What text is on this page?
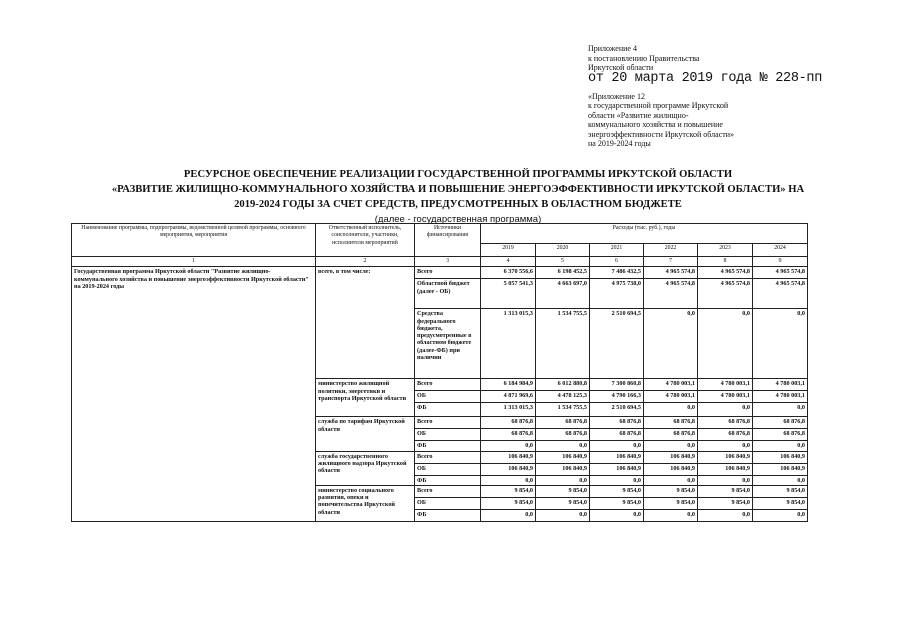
Приложение 4
к постановлению Правительства
Иркутской области
от 20 марта 2019 года № 228-пп
«Приложение 12
к государственной программе Иркутской
области «Развитие жилищно-
коммунального хозяйства и повышение
энергоэффективности Иркутской области»
на 2019-2024 годы
РЕСУРСНОЕ ОБЕСПЕЧЕНИЕ РЕАЛИЗАЦИИ ГОСУДАРСТВЕННОЙ ПРОГРАММЫ ИРКУТСКОЙ ОБЛАСТИ
«РАЗВИТИЕ ЖИЛИЩНО-КОММУНАЛЬНОГО ХОЗЯЙСТВА И ПОВЫШЕНИЕ ЭНЕРГОЭФФЕКТИВНОСТИ ИРКУТСКОЙ ОБЛАСТИ» НА
2019-2024 ГОДЫ ЗА СЧЕТ СРЕДСТВ, ПРЕДУСМОТРЕННЫХ В ОБЛАСТНОМ БЮДЖЕТЕ
(далее - государственная программа)
Наименование программы, подпрограммы, ведомственной целевой программы, основного мероприятия, мероприятия	Ответственный исполнитель, соисполнители, участники, исполнители мероприятий	Источники финансирования	Расходы (тыс. руб.), годы					
			2019	2020	2021	2022	2023	2024
1	2	3	4	5	6	7	8	9
Государственная программа Иркутской области "Развитие жилищно-коммунального хозяйства и повышение энергоэффективности Иркутской области" на 2019-2024 годы	всего, в том числе:	Всего	6 370 556,6	6 198 452,5	7 486 432,5	4 965 574,8	4 965 574,8	4 965 574,8
		Областной бюджет (далее - ОБ)	5 057 541,3	4 663 697,0	4 975 738,0	4 965 574,8	4 965 574,8	4 965 574,8
		Средства федерального бюджета, предусмотренные в областном бюджете (далее-ФБ) при наличии	1 313 015,3	1 534 755,5	2 510 694,5	0,0	0,0	0,0
	министерство жилищной политики, энергетики и транспорта Иркутской области	Всего	6 184 984,9	6 012 880,8	7 300 860,8	4 780 003,1	4 780 003,1	4 780 003,1
		ОБ	4 871 969,6	4 478 125,3	4 790 166,3	4 780 003,1	4 780 003,1	4 780 003,1
		ФБ	1 313 015,3	1 534 755,5	2 510 694,5	0,0	0,0	0,0
	служба по тарифам Иркутской области	Всего	68 876,8	68 876,8	68 876,8	68 876,8	68 876,8	68 876,8
		ОБ	68 876,8	68 876,8	68 876,8	68 876,8	68 876,8	68 876,8
		ФБ	0,0	0,0	0,0	0,0	0,0	0,0
	служба государственного жилищного надзора Иркутской области	Всего	106 840,9	106 840,9	106 840,9	106 840,9	106 840,9	106 840,9
		ОБ	106 840,9	106 840,9	106 840,9	106 840,9	106 840,9	106 840,9
		ФБ	0,0	0,0	0,0	0,0	0,0	0,0
	министерство социального развития, опеки и попечительства Иркутской области	Всего	9 854,0	9 854,0	9 854,0	9 854,0	9 854,0	9 854,0
		ОБ	9 854,0	9 854,0	9 854,0	9 854,0	9 854,0	9 854,0
		ФБ	0,0	0,0	0,0	0,0	0,0	0,0
